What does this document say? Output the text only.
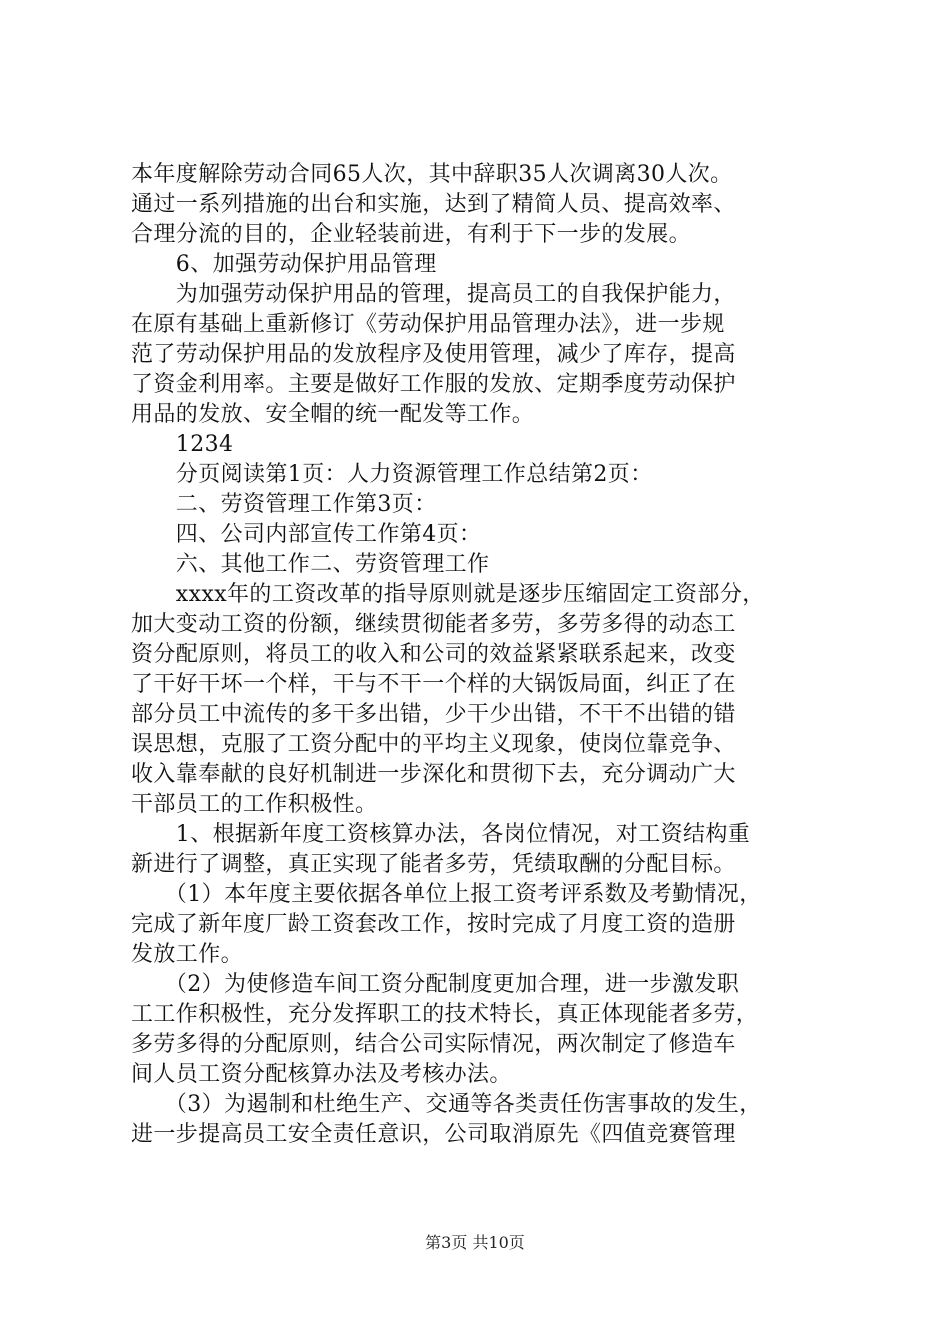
本年度解除劳动合同65人次，其中辞职35人次调离30人次。
通过一系列措施的出台和实施，达到了精简人员、提高效率、
合理分流的目的，企业轻装前进，有利于下一步的发展。
　　6、加强劳动保护用品管理
　　为加强劳动保护用品的管理，提高员工的自我保护能力，
在原有基础上重新修订《劳动保护用品管理办法》，进一步规
范了劳动保护用品的发放程序及使用管理，减少了库存，提高
了资金利用率。主要是做好工作服的发放、定期季度劳动保护
用品的发放、安全帽的统一配发等工作。
　　1234
　　分页阅读第1页：人力资源管理工作总结第2页：
　　二、劳资管理工作第3页：
　　四、公司内部宣传工作第4页：
　　六、其他工作二、劳资管理工作
　　xxxx年的工资改革的指导原则就是逐步压缩固定工资部分，
加大变动工资的份额，继续贯彻能者多劳，多劳多得的动态工
资分配原则，将员工的收入和公司的效益紧紧联系起来，改变
了干好干坏一个样，干与不干一个样的大锅饭局面，纠正了在
部分员工中流传的多干多出错，少干少出错，不干不出错的错
误思想，克服了工资分配中的平均主义现象，使岗位靠竞争、
收入靠奉献的良好机制进一步深化和贯彻下去，充分调动广大
干部员工的工作积极性。
　　1、根据新年度工资核算办法，各岗位情况，对工资结构重
新进行了调整，真正实现了能者多劳，凭绩取酬的分配目标。
　　（1）本年度主要依据各单位上报工资考评系数及考勤情况，
完成了新年度厂龄工资套改工作，按时完成了月度工资的造册
发放工作。
　　（2）为使修造车间工资分配制度更加合理，进一步激发职
工工作积极性，充分发挥职工的技术特长，真正体现能者多劳，
多劳多得的分配原则，结合公司实际情况，两次制定了修造车
间人员工资分配核算办法及考核办法。
　　（3）为遏制和杜绝生产、交通等各类责任伤害事故的发生，
进一步提高员工安全责任意识，公司取消原先《四值竞赛管理
第3页 共10页
